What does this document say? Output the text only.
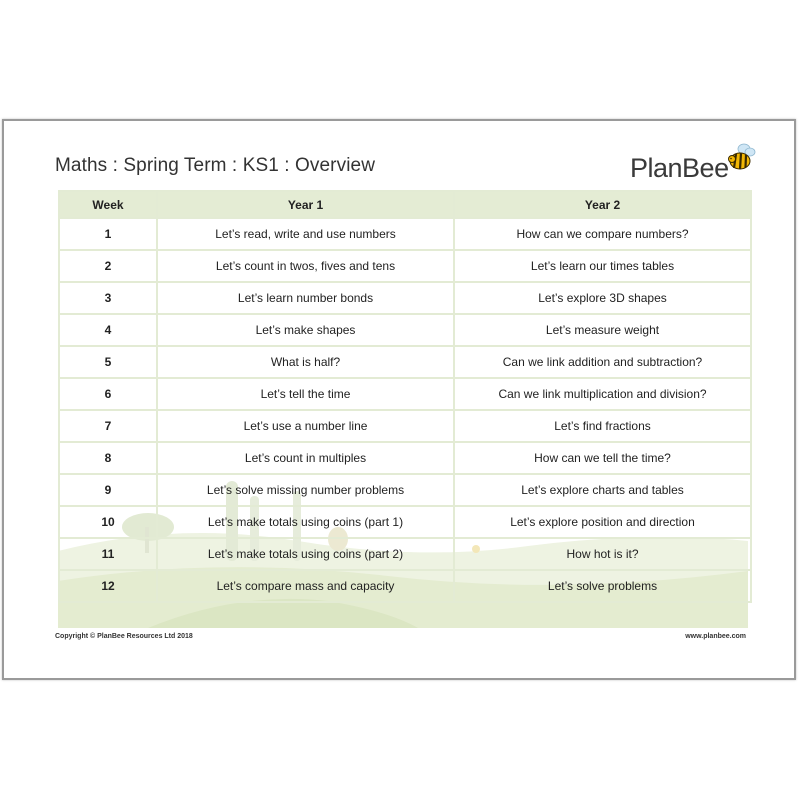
Maths : Spring Term : KS1 : Overview	PlanBee
Week	Year 1	Year 2
1	Let’s read, write and use numbers	How can we compare numbers?
2	Let’s count in twos, fives and tens	Let’s learn our times tables
3	Let’s learn number bonds	Let’s explore 3D shapes
4	Let’s make shapes	Let’s measure weight
5	What is half?	Can we link addition and subtraction?
6	Let’s tell the time	Can we link multiplication and division?
7	Let’s use a number line	Let’s find fractions
8	Let’s count in multiples	How can we tell the time?
9	Let’s solve missing number problems	Let’s explore charts and tables
10	Let’s make totals using coins (part 1)	Let’s explore position and direction
11	Let’s make totals using coins (part 2)	How hot is it?
12	Let’s compare mass and capacity	Let’s solve problems
Copyright © PlanBee Resources Ltd 2018	www.planbee.com
